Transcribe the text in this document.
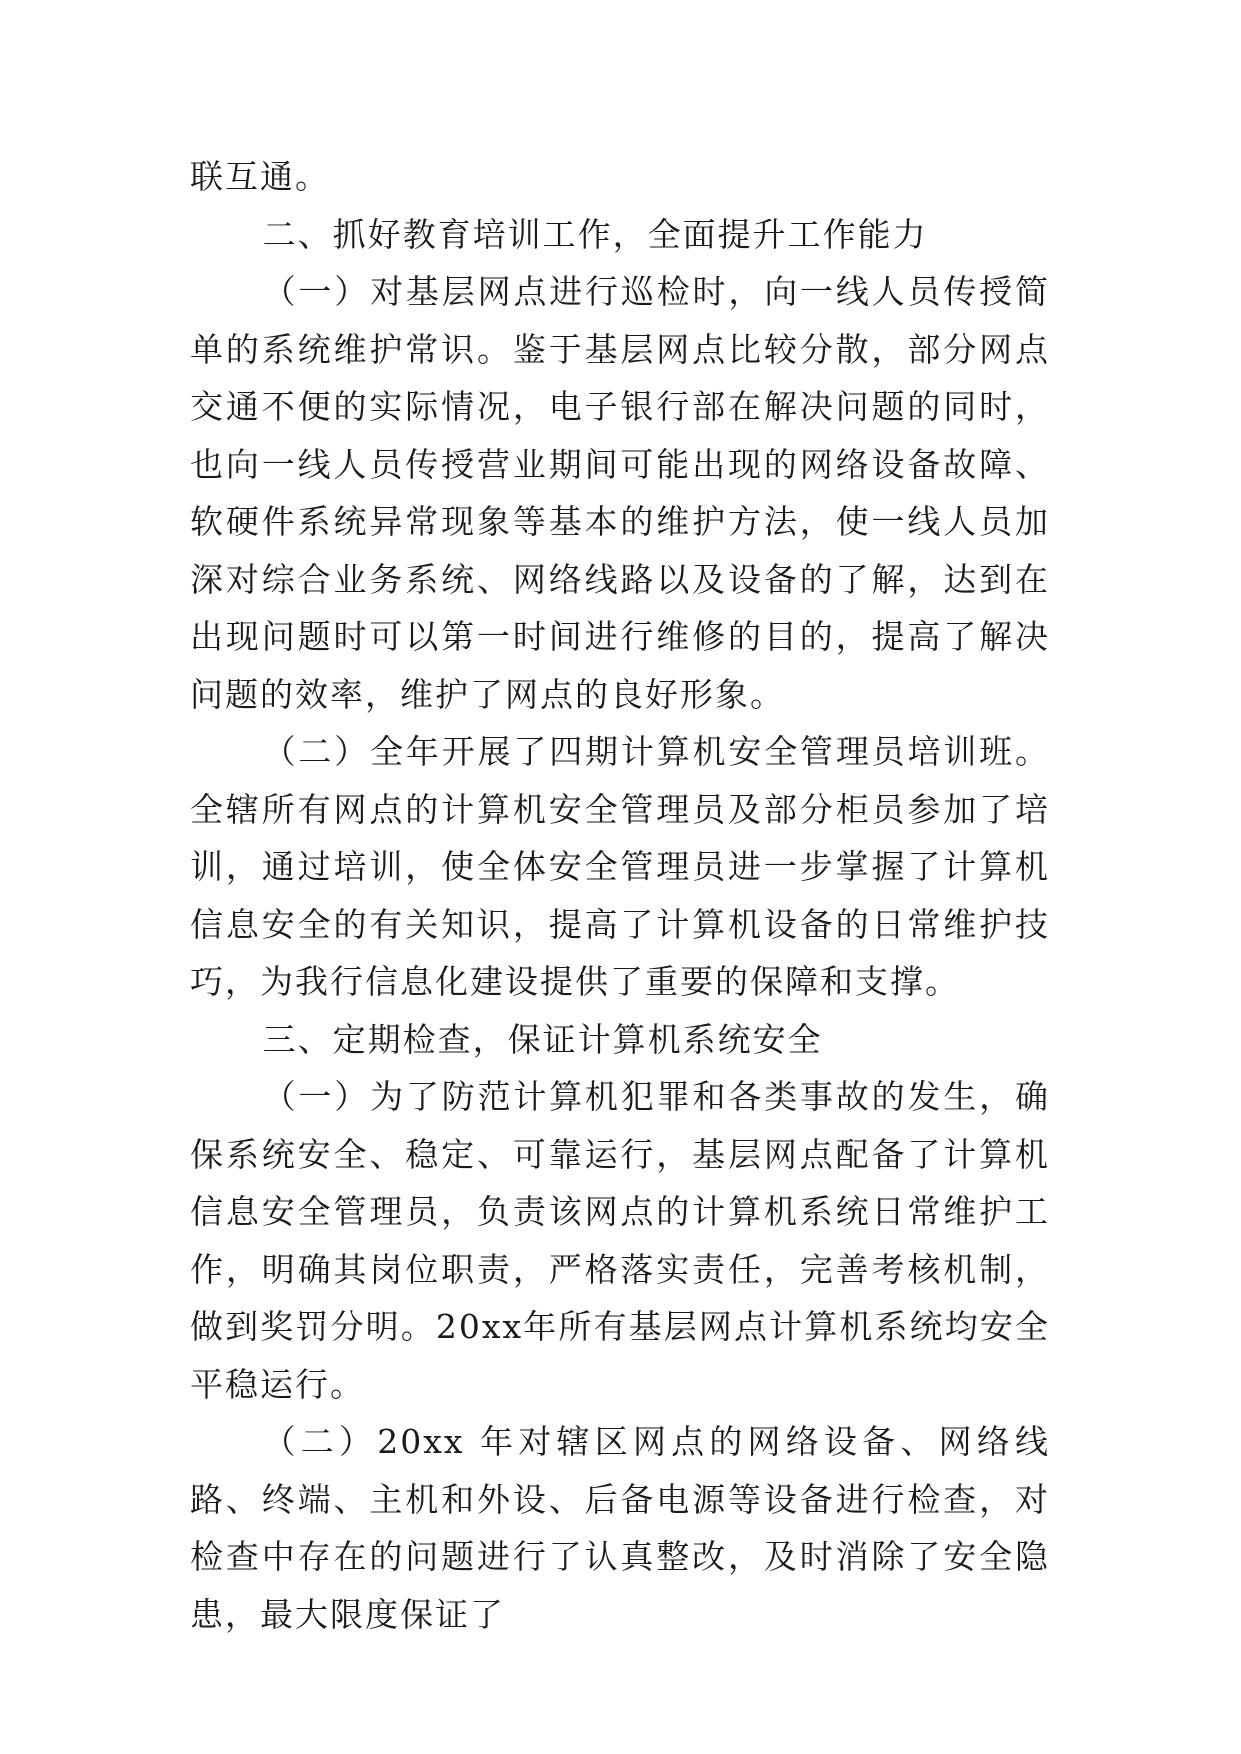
联互通。

二、抓好教育培训工作，全面提升工作能力

（一）对基层网点进行巡检时，向一线人员传授简单的系统维护常识。鉴于基层网点比较分散，部分网点交通不便的实际情况，电子银行部在解决问题的同时，也向一线人员传授营业期间可能出现的网络设备故障、软硬件系统异常现象等基本的维护方法，使一线人员加深对综合业务系统、网络线路以及设备的了解，达到在出现问题时可以第一时间进行维修的目的，提高了解决问题的效率，维护了网点的良好形象。

（二）全年开展了四期计算机安全管理员培训班。全辖所有网点的计算机安全管理员及部分柜员参加了培训，通过培训，使全体安全管理员进一步掌握了计算机信息安全的有关知识，提高了计算机设备的日常维护技巧，为我行信息化建设提供了重要的保障和支撑。

三、定期检查，保证计算机系统安全

（一）为了防范计算机犯罪和各类事故的发生，确保系统安全、稳定、可靠运行，基层网点配备了计算机信息安全管理员，负责该网点的计算机系统日常维护工作，明确其岗位职责，严格落实责任，完善考核机制，做到奖罚分明。20xx年所有基层网点计算机系统均安全平稳运行。

（二）20xx 年对辖区网点的网络设备、网络线路、终端、主机和外设、后备电源等设备进行检查，对检查中存在的问题进行了认真整改，及时消除了安全隐患，最大限度保证了
